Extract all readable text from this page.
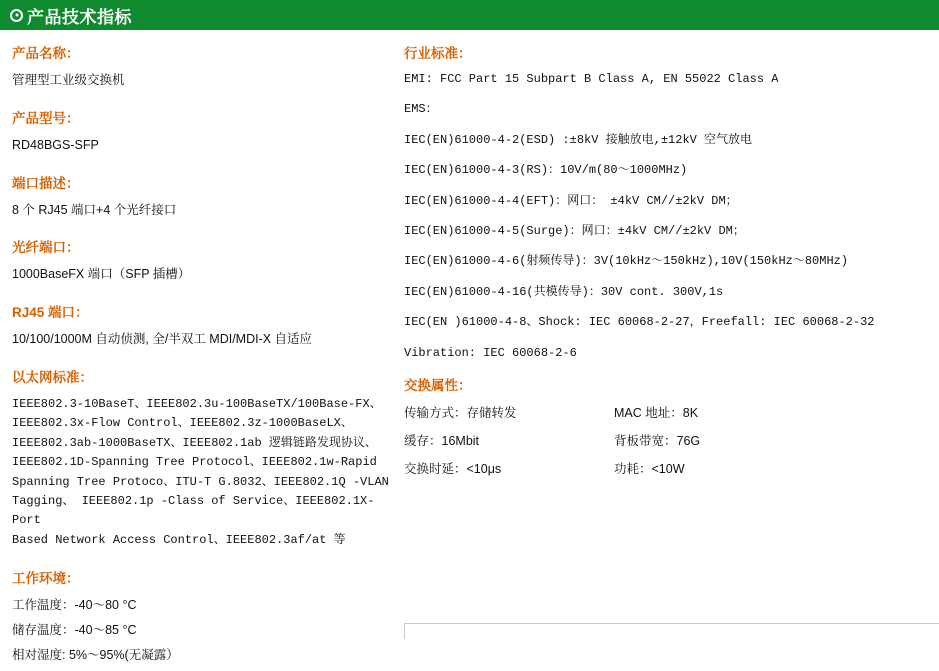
产品技术指标

产品名称：

管理型工业级交换机

产品型号：

RD48BGS-SFP

端口描述：

8 个 RJ45 端口+4 个光纤接口

光纤端口：

1000BaseFX 端口（SFP 插槽）

RJ45 端口：

10/100/1000M 自动侦测, 全/半双工 MDI/MDI-X 自适应

以太网标准：

IEEE802.3-10BaseT、IEEE802.3u-100BaseTX/100Base-FX、

IEEE802.3x-Flow Control、IEEE802.3z-1000BaseLX、

IEEE802.3ab-1000BaseTX、IEEE802.1ab 逻辑链路发现协议、

IEEE802.1D-Spanning Tree Protocol、IEEE802.1w-Rapid

Spanning Tree Protoco、ITU-T G.8032、IEEE802.1Q -VLAN

Tagging、 IEEE802.1p -Class of Service、IEEE802.1X-Port

Based Network Access Control、IEEE802.3af/at 等

工作环境：

工作温度：-40～80 °C

储存温度：-40～85 °C

相对湿度: 5%～95%(无凝露）

行业标准：

EMI: FCC Part 15 Subpart B Class A, EN 55022 Class A

EMS：

IEC(EN)61000-4-2(ESD) :±8kV 接触放电,±12kV 空气放电

IEC(EN)61000-4-3(RS)：10V/m(80～1000MHz)

IEC(EN)61000-4-4(EFT)：网口： ±4kV CM//±2kV DM；

IEC(EN)61000-4-5(Surge)：网口：±4kV CM//±2kV DM；

IEC(EN)61000-4-6(射频传导)：3V(10kHz～150kHz),10V(150kHz～80MHz)

IEC(EN)61000-4-16(共模传导)：30V cont. 300V,1s

IEC(EN )61000-4-8、Shock: IEC 60068-2-27，Freefall: IEC 60068-2-32

Vibration: IEC 60068-2-6

交换属性：

传输方式：存储转发	MAC 地址：8K
缓存：16Mbit	背板带宽：76G
交换时延：<10μs	功耗：<10W
